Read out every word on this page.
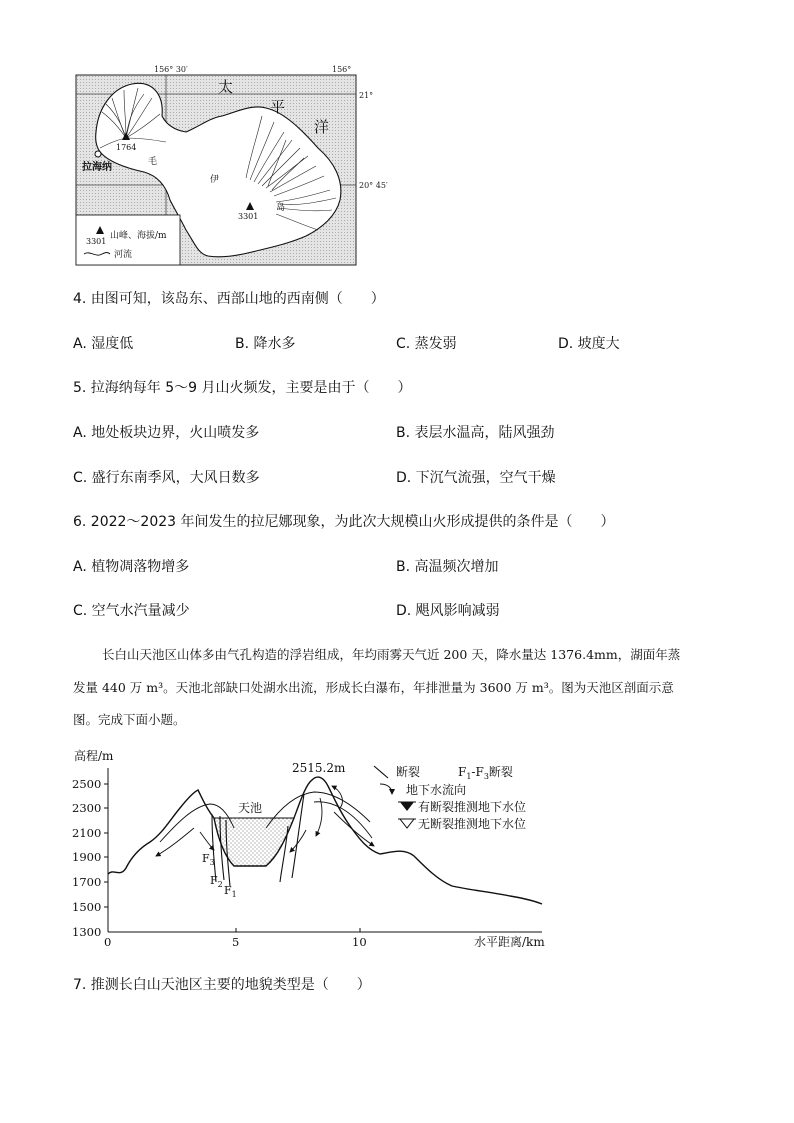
156° 30′	156°
21°
20° 45′
太
平
洋
拉海纳	毛
伊
岛
1764
3301
3301
山峰、海拔/m
河流
4. 由图可知，该岛东、西部山地的西南侧（　　）
A. 湿度低	B. 降水多	C. 蒸发弱	D. 坡度大
5. 拉海纳每年 5～9 月山火频发，主要是由于（　　）
A. 地处板块边界，火山喷发多	B. 表层水温高，陆风强劲
C. 盛行东南季风，大风日数多	D. 下沉气流强，空气干燥
6. 2022～2023 年间发生的拉尼娜现象，为此次大规模山火形成提供的条件是（　　）
A. 植物凋落物增多	B. 高温频次增加
C. 空气水汽量减少	D. 飓风影响减弱
长白山天池区山体多由气孔构造的浮岩组成，年均雨雾天气近 200 天，降水量达 1376.4mm，湖面年蒸
发量 440 万 m³。天池北部缺口处湖水出流，形成长白瀑布，年排泄量为 3600 万 m³。图为天池区剖面示意
图。完成下面小题。
高程/m
水平距离/km
2500
2300
2100
1900
1700
1500
1300
0	5	10
天池
$F_3$
$F_2$ $F_1$
2515.2m	断裂	$F_1-F_3$断裂
地下水流向
有断裂推测地下水位
无断裂推测地下水位
7. 推测长白山天池区主要的地貌类型是（　　）
